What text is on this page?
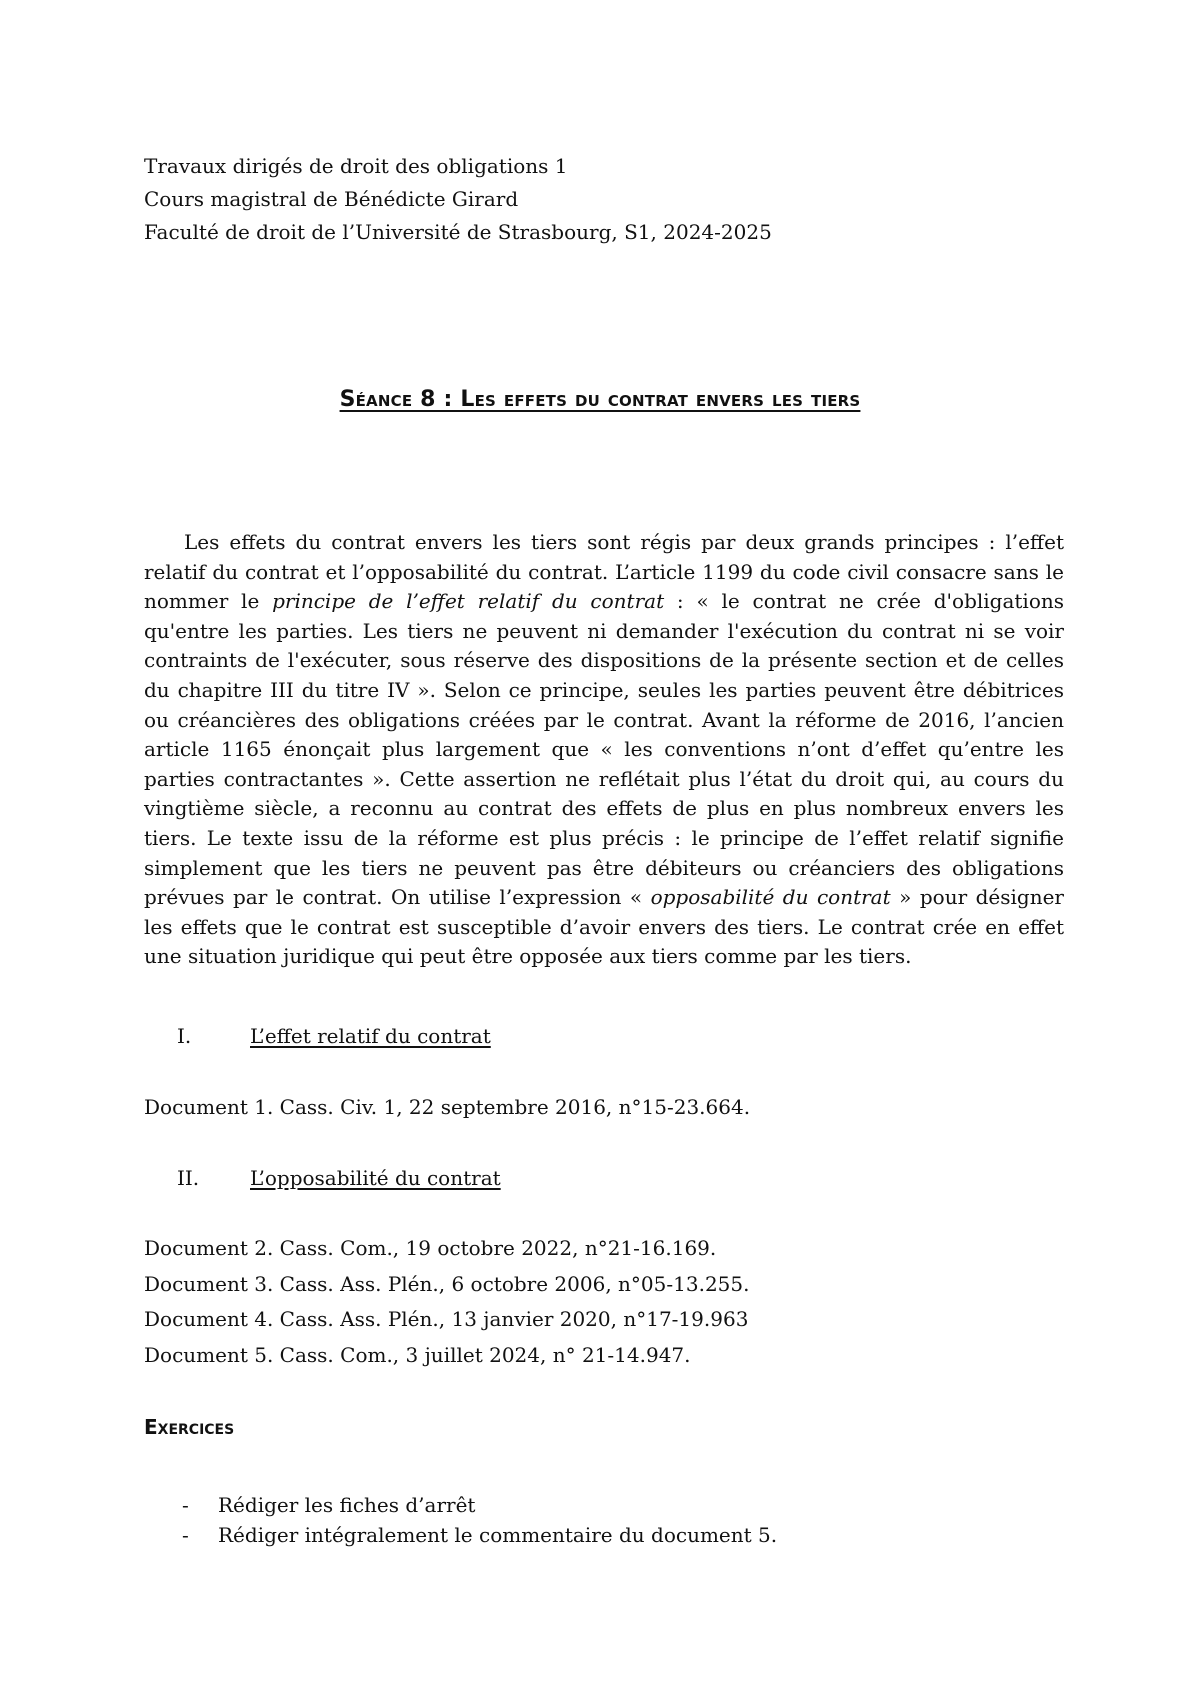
Travaux dirigés de droit des obligations 1
Cours magistral de Bénédicte Girard
Faculté de droit de l’Université de Strasbourg, S1, 2024-2025
Séance 8 : Les effets du contrat envers les tiers

Les effets du contrat envers les tiers sont régis par deux grands principes : l’effet relatif du contrat et l’opposabilité du contrat. L’article 1199 du code civil consacre sans le nommer le principe de l’effet relatif du contrat : « le contrat ne crée d'obligations qu'entre les parties. Les tiers ne peuvent ni demander l'exécution du contrat ni se voir contraints de l'exécuter, sous réserve des dispositions de la présente section et de celles du chapitre III du titre IV ». Selon ce principe, seules les parties peuvent être débitrices ou créancières des obligations créées par le contrat. Avant la réforme de 2016, l’ancien article 1165 énonçait plus largement que « les conventions n’ont d’effet qu’entre les parties contractantes ». Cette assertion ne reflétait plus l’état du droit qui, au cours du vingtième siècle, a reconnu au contrat des effets de plus en plus nombreux envers les tiers. Le texte issu de la réforme est plus précis : le principe de l’effet relatif signifie simplement que les tiers ne peuvent pas être débiteurs ou créanciers des obligations prévues par le contrat. On utilise l’expression « opposabilité du contrat » pour désigner les effets que le contrat est susceptible d’avoir envers des tiers. Le contrat crée en effet une situation juridique qui peut être opposée aux tiers comme par les tiers.

I.	L’effet relatif du contrat
Document 1. Cass. Civ. 1, 22 septembre 2016, n°15-23.664.
II.	L’opposabilité du contrat
Document 2. Cass. Com., 19 octobre 2022, n°21-16.169.
Document 3. Cass. Ass. Plén., 6 octobre 2006, n°05-13.255.
Document 4. Cass. Ass. Plén., 13 janvier 2020, n°17-19.963
Document 5. Cass. Com., 3 juillet 2024, n° 21-14.947.
Exercices
- Rédiger les fiches d’arrêt
- Rédiger intégralement le commentaire du document 5.
